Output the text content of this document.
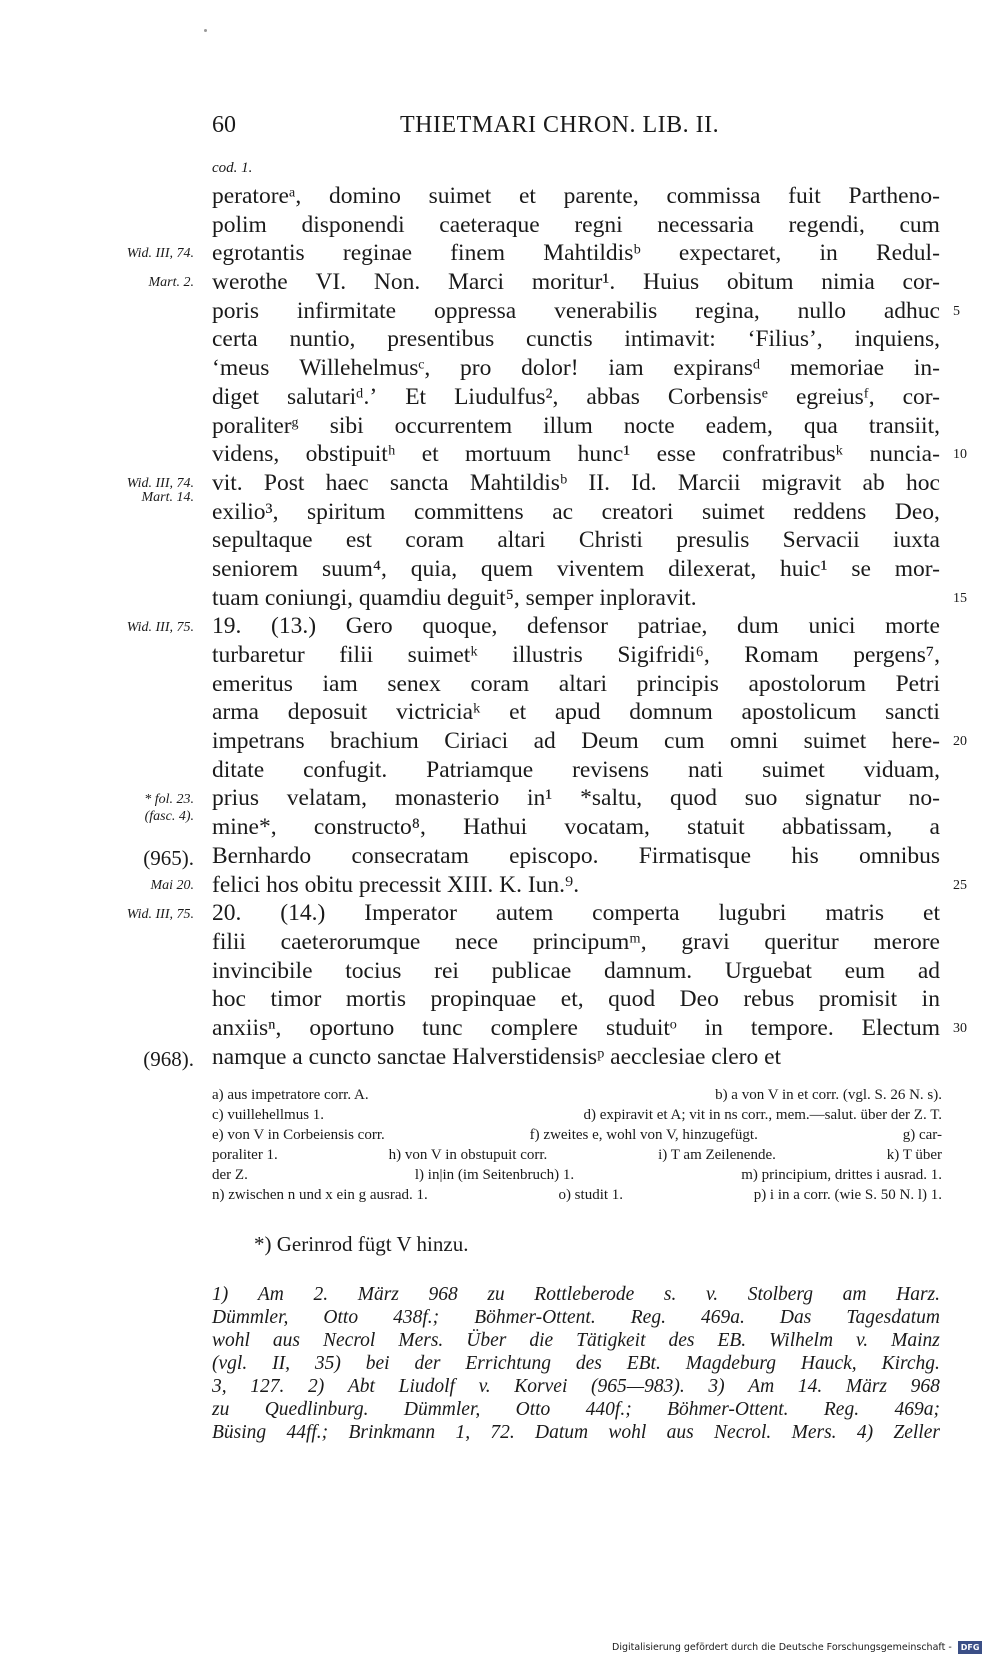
60	THIETMARI CHRON. LIB. II.
cod. 1.
peratoreᵃ, domino suimet et parente, commissa fuit Partheno-
polim disponendi caeteraque regni necessaria regendi, cum
egrotantis reginae finem Mahtildisᵇ expectaret, in Redul-
werothe VI. Non. Marci moritur¹. Huius obitum nimia cor-
poris infirmitate oppressa venerabilis regina, nullo adhuc
certa nuntio, presentibus cunctis intimavit: ‘Filius’, inquiens,
‘meus Willehelmusᶜ, pro dolor! iam expiransᵈ memoriae in-
diget salutariᵈ.’ Et Liudulfus², abbas Corbensisᵉ egreiusᶠ, cor-
poraliterᵍ sibi occurrentem illum nocte eadem, qua transiit,
videns, obstipuitʰ et mortuum hunc¹ esse confratribusᵏ nuncia-
vit. Post haec sancta Mahtildisᵇ II. Id. Marcii migravit ab hoc
exilio³, spiritum committens ac creatori suimet reddens Deo,
sepultaque est coram altari Christi presulis Servacii iuxta
seniorem suum⁴, quia, quem viventem dilexerat, huic¹ se mor-
tuam coniungi, quamdiu deguit⁵, semper inploravit.
19. (13.) Gero quoque, defensor patriae, dum unici morte
turbaretur filii suimetᵏ illustris Sigifridi⁶, Romam pergens⁷,
emeritus iam senex coram altari principis apostolorum Petri
arma deposuit victriciaᵏ et apud domnum apostolicum sancti
impetrans brachium Ciriaci ad Deum cum omni suimet here-
ditate confugit. Patriamque revisens nati suimet viduam,
prius velatam, monasterio in¹ *saltu, quod suo signatur no-
mine*, constructo⁸, Hathui vocatam, statuit abbatissam, a
Bernhardo consecratam episcopo. Firmatisque his omnibus
felici hos obitu precessit XIII. K. Iun.⁹.
20. (14.) Imperator autem comperta lugubri matris et
filii caeterorumque nece principumᵐ, gravi queritur merore
invincibile tocius rei publicae damnum. Urguebat eum ad
hoc timor mortis propinquae et, quod Deo rebus promisit in
anxiisⁿ, oportuno tunc complere studuitᵒ in tempore. Electum
namque a cuncto sanctae Halverstidensisᵖ aecclesiae clero et
Wid. III, 74.
Mart. 2.
Wid. III, 74.
Mart. 14.
Wid. III, 75.
* fol. 23.
(fasc. 4).
(965).
Mai 20.
Wid. III, 75.
(968).
5
10
15
20
25
30
a) aus impetratore corr. A.	b) a von V in et corr. (vgl. S. 26 N. s).
c) vuillehellmus 1.	d) expiravit et A; vit in ns corr., mem.—salut. über der Z. T.
e) von V in Corbeiensis corr.	f) zweites e, wohl von V, hinzugefügt.	g) car-
poraliter 1.	h) von V in obstupuit corr.	i) T am Zeilenende.	k) T über
der Z.	l) in|in (im Seitenbruch) 1.	m) principium, drittes i ausrad. 1.
n) zwischen n und x ein g ausrad. 1.	o) studit 1.	p) i in a corr. (wie S. 50 N. l) 1.
*) Gerinrod fügt V hinzu.
1) Am 2. März 968 zu Rottleberode s. v. Stolberg am Harz.
Dümmler, Otto 438f.; Böhmer-Ottent. Reg. 469a. Das Tagesdatum
wohl aus Necrol Mers. Über die Tätigkeit des EB. Wilhelm v. Mainz
(vgl. II, 35) bei der Errichtung des EBt. Magdeburg Hauck, Kirchg.
3, 127. 2) Abt Liudolf v. Korvei (965—983). 3) Am 14. März 968
zu Quedlinburg. Dümmler, Otto 440f.; Böhmer-Ottent. Reg. 469a;
Büsing 44ff.; Brinkmann 1, 72. Datum wohl aus Necrol. Mers. 4) Zeller
Digitalisierung gefördert durch die Deutsche Forschungsgemeinschaft - DFG
